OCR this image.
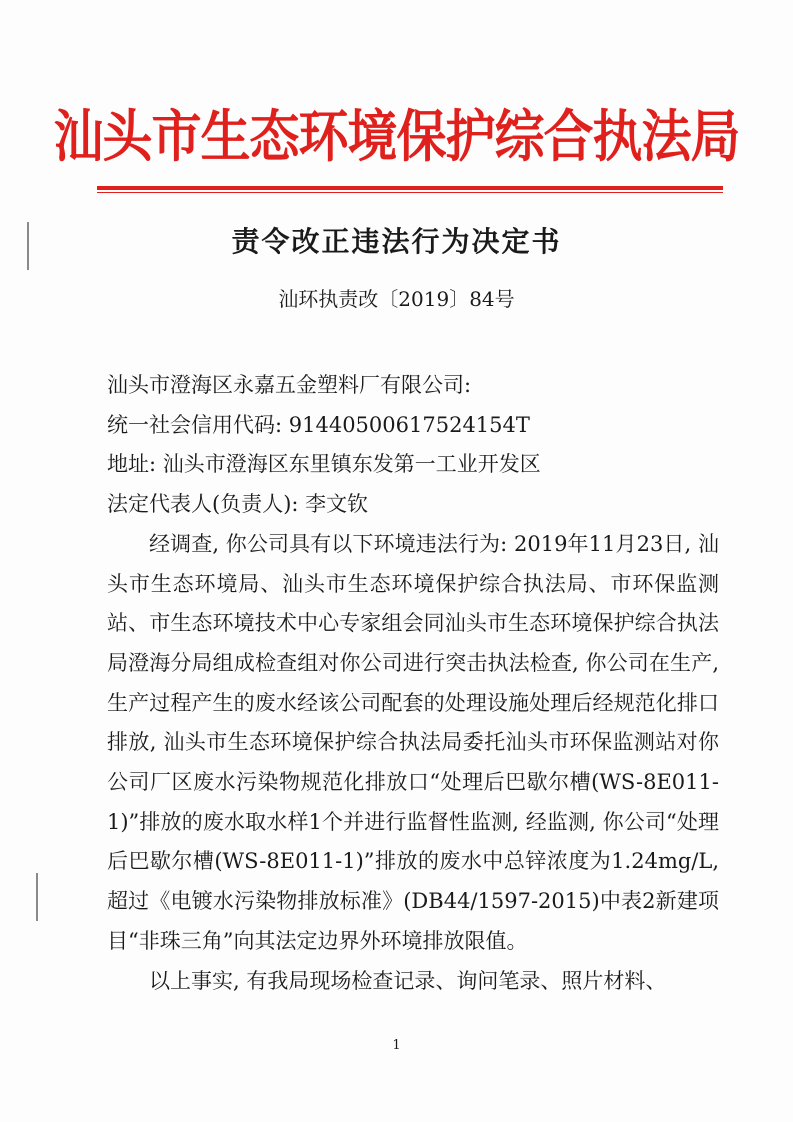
汕头市生态环境保护综合执法局
责令改正违法行为决定书
汕环执责改〔2019〕84号

汕头市澄海区永嘉五金塑料厂有限公司:

统一社会信用代码: 91440500617524154T

地址: 汕头市澄海区东里镇东发第一工业开发区

法定代表人(负责人): 李文钦

经调查, 你公司具有以下环境违法行为: 2019年11月23日, 汕头市生态环境局、汕头市生态环境保护综合执法局、市环保监测站、市生态环境技术中心专家组会同汕头市生态环境保护综合执法局澄海分局组成检查组对你公司进行突击执法检查, 你公司在生产, 生产过程产生的废水经该公司配套的处理设施处理后经规范化排口排放, 汕头市生态环境保护综合执法局委托汕头市环保监测站对你公司厂区废水污染物规范化排放口“处理后巴歇尔槽(WS-8E011-1)”排放的废水取水样1个并进行监督性监测, 经监测, 你公司“处理后巴歇尔槽(WS-8E011-1)”排放的废水中总锌浓度为1.24mg/L, 超过《电镀水污染物排放标准》(DB44/1597-2015)中表2新建项目“非珠三角”向其法定边界外环境排放限值。

以上事实, 有我局现场检查记录、询问笔录、照片材料、

1
